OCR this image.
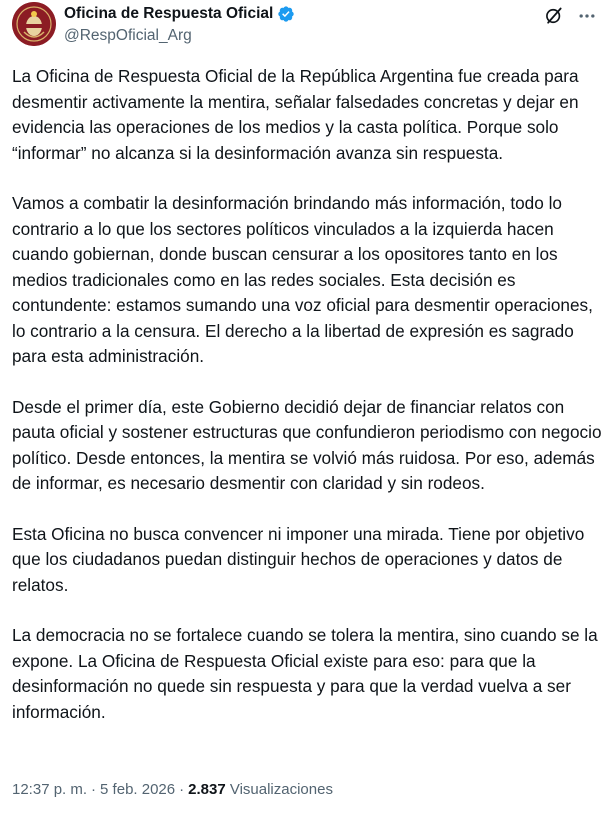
Oficina de Respuesta Oficial
@RespOficial_Arg

La Oficina de Respuesta Oficial de la República Argentina fue creada para desmentir activamente la mentira, señalar falsedades concretas y dejar en evidencia las operaciones de los medios y la casta política. Porque solo “informar” no alcanza si la desinformación avanza sin respuesta.

Vamos a combatir la desinformación brindando más información, todo lo contrario a lo que los sectores políticos vinculados a la izquierda hacen cuando gobiernan, donde buscan censurar a los opositores tanto en los medios tradicionales como en las redes sociales. Esta decisión es contundente: estamos sumando una voz oficial para desmentir operaciones, lo contrario a la censura. El derecho a la libertad de expresión es sagrado para esta administración.

Desde el primer día, este Gobierno decidió dejar de financiar relatos con pauta oficial y sostener estructuras que confundieron periodismo con negocio político. Desde entonces, la mentira se volvió más ruidosa. Por eso, además de informar, es necesario desmentir con claridad y sin rodeos.

Esta Oficina no busca convencer ni imponer una mirada. Tiene por objetivo que los ciudadanos puedan distinguir hechos de operaciones y datos de relatos.

La democracia no se fortalece cuando se tolera la mentira, sino cuando se la expone. La Oficina de Respuesta Oficial existe para eso: para que la desinformación no quede sin respuesta y para que la verdad vuelva a ser información.

12:37 p. m. · 5 feb. 2026 · 2.837 Visualizaciones
